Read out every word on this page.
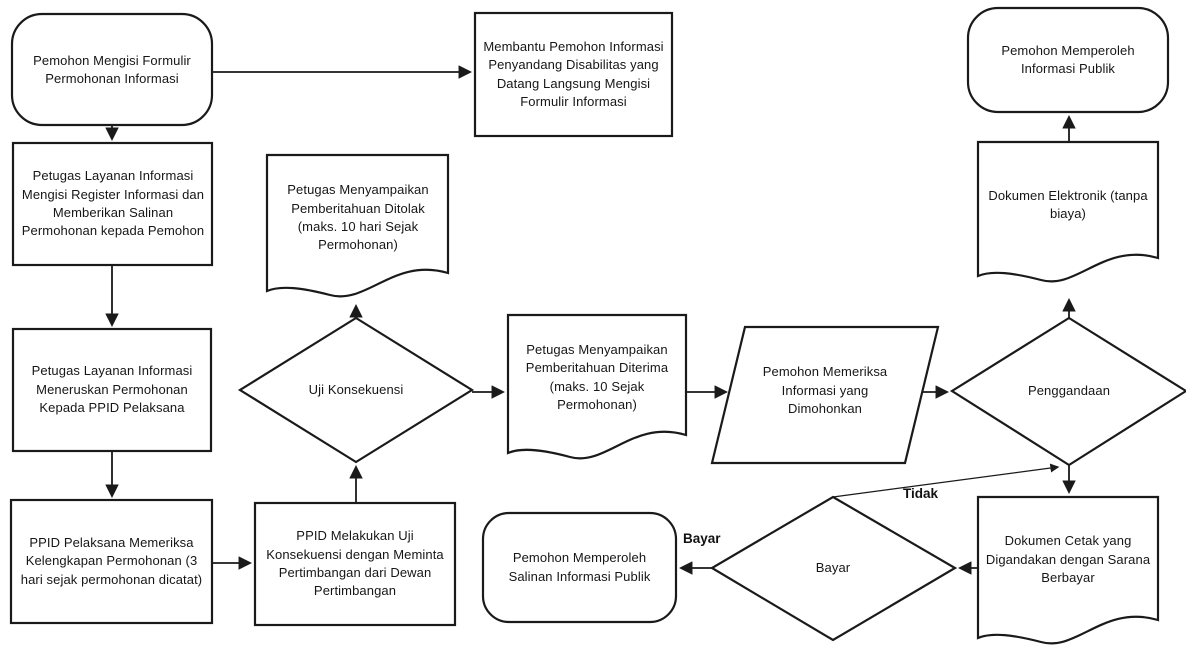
Pemohon Mengisi Formulir Permohonan Informasi
Petugas Layanan Informasi Mengisi Register Informasi dan Memberikan Salinan Permohonan kepada Pemohon
Membantu Pemohon Informasi Penyandang Disabilitas yang Datang Langsung Mengisi Formulir Informasi
Petugas Layanan Informasi Meneruskan Permohonan Kepada PPID Pelaksana
PPID Pelaksana Memeriksa Kelengkapan Permohonan (3 hari sejak permohonan dicatat)
PPID Melakukan Uji Konsekuensi dengan Meminta Pertimbangan dari Dewan Pertimbangan
Uji Konsekuensi
Petugas Menyampaikan Pemberitahuan Ditolak (maks. 10 hari Sejak Permohonan)
Petugas Menyampaikan Pemberitahuan Diterima (maks. 10 Sejak Permohonan)
Pemohon Memeriksa Informasi yang Dimohonkan
Penggandaan
Pemohon Memperoleh Informasi Publik
Dokumen Elektronik (tanpa biaya)
Dokumen Cetak yang Digandakan dengan Sarana Berbayar
Bayar
Pemohon Memperoleh Salinan Informasi Publik
Tidak
Bayar
